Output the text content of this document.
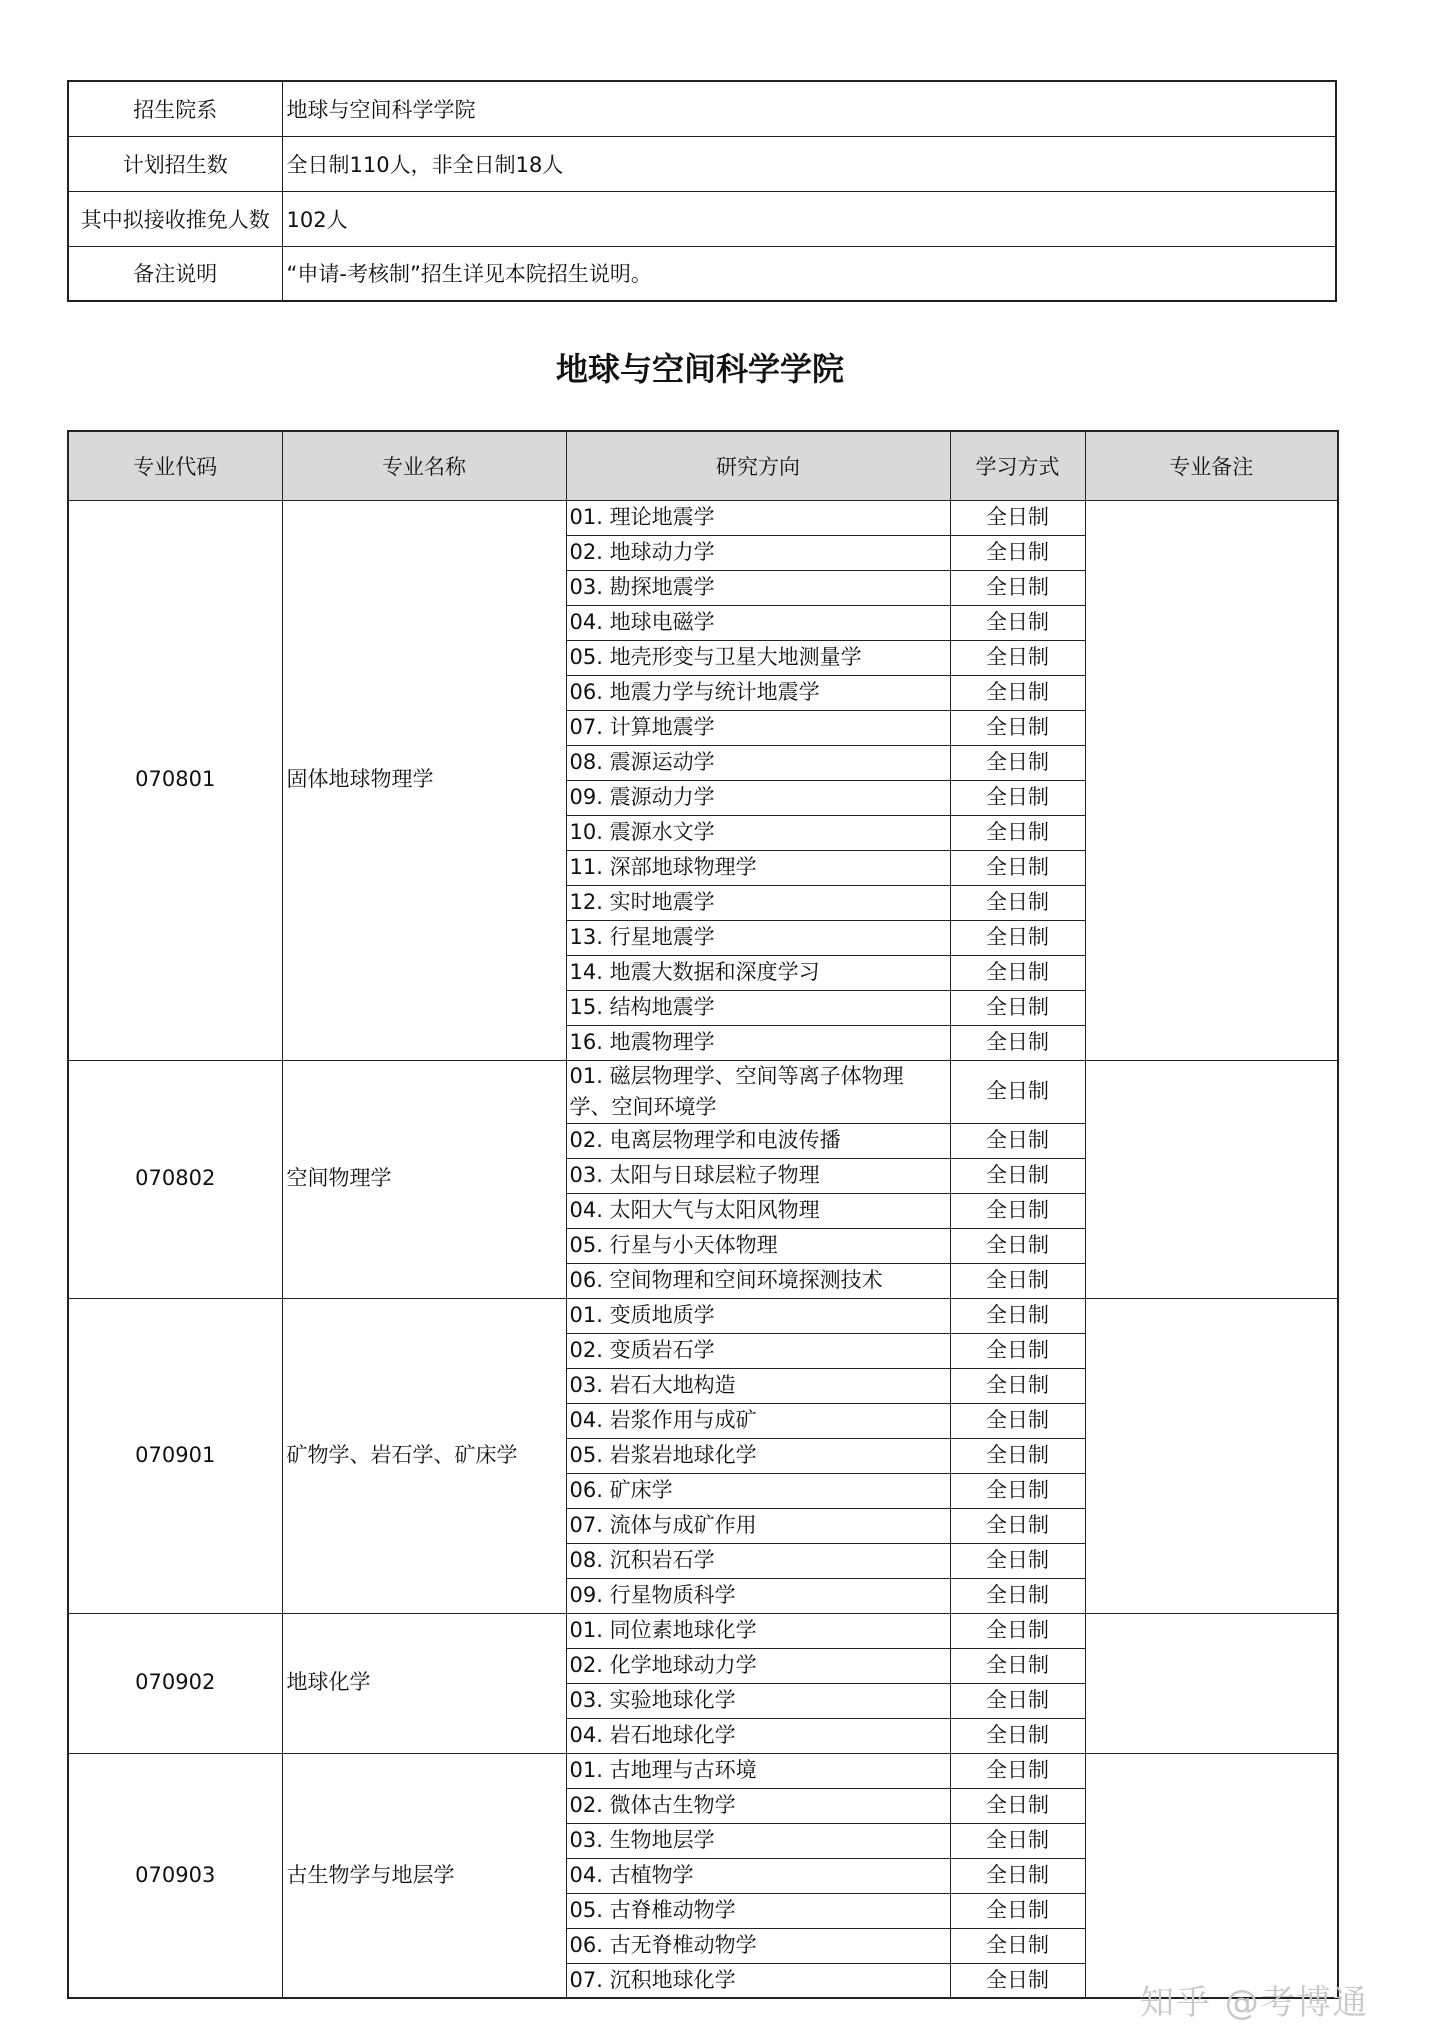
招生院系	地球与空间科学学院
计划招生数	全日制110人，非全日制18人
其中拟接收推免人数	102人
备注说明	“申请-考核制”招生详见本院招生说明。
地球与空间科学学院
专业代码	专业名称	研究方向	学习方式	专业备注
070801	固体地球物理学	01. 理论地震学	全日制	
		02. 地球动力学	全日制	
		03. 勘探地震学	全日制	
		04. 地球电磁学	全日制	
		05. 地壳形变与卫星大地测量学	全日制	
		06. 地震力学与统计地震学	全日制	
		07. 计算地震学	全日制	
		08. 震源运动学	全日制	
		09. 震源动力学	全日制	
		10. 震源水文学	全日制	
		11. 深部地球物理学	全日制	
		12. 实时地震学	全日制	
		13. 行星地震学	全日制	
		14. 地震大数据和深度学习	全日制	
		15. 结构地震学	全日制	
		16. 地震物理学	全日制	
070802	空间物理学	01. 磁层物理学、空间等离子体物理学、空间环境学	全日制	
		02. 电离层物理学和电波传播	全日制	
		03. 太阳与日球层粒子物理	全日制	
		04. 太阳大气与太阳风物理	全日制	
		05. 行星与小天体物理	全日制	
		06. 空间物理和空间环境探测技术	全日制	
070901	矿物学、岩石学、矿床学	01. 变质地质学	全日制	
		02. 变质岩石学	全日制	
		03. 岩石大地构造	全日制	
		04. 岩浆作用与成矿	全日制	
		05. 岩浆岩地球化学	全日制	
		06. 矿床学	全日制	
		07. 流体与成矿作用	全日制	
		08. 沉积岩石学	全日制	
		09. 行星物质科学	全日制	
070902	地球化学	01. 同位素地球化学	全日制	
		02. 化学地球动力学	全日制	
		03. 实验地球化学	全日制	
		04. 岩石地球化学	全日制	
070903	古生物学与地层学	01. 古地理与古环境	全日制	
		02. 微体古生物学	全日制	
		03. 生物地层学	全日制	
		04. 古植物学	全日制	
		05. 古脊椎动物学	全日制	
		06. 古无脊椎动物学	全日制	
		07. 沉积地球化学	全日制	
知乎 @考博通
